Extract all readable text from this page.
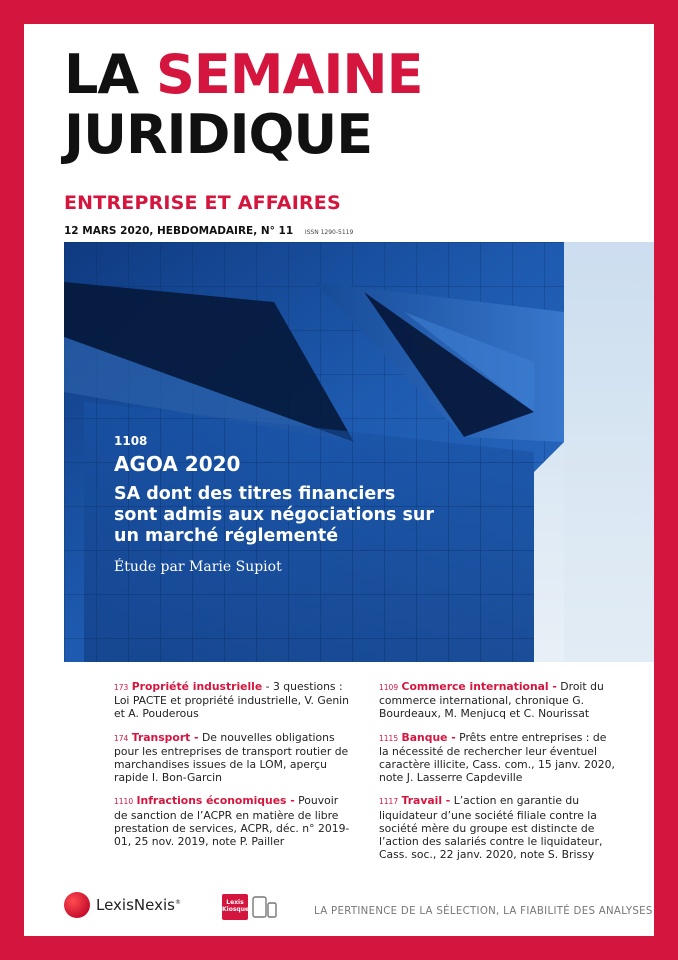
LA SEMAINE
JURIDIQUE
ENTREPRISE ET AFFAIRES
12 MARS 2020, HEBDOMADAIRE, N° 11 ISSN 1290-5119
1108
AGOA 2020
SA dont des titres financiers sont admis aux négociations sur un marché réglementé
Étude par Marie Supiot
173 Propriété industrielle - 3 questions : Loi PACTE et propriété industrielle, V. Genin et A. Pouderous
174 Transport - De nouvelles obligations pour les entreprises de transport routier de marchandises issues de la LOM, aperçu rapide I. Bon-Garcin
1110 Infractions économiques - Pouvoir de sanction de l’ACPR en matière de libre prestation de services, ACPR, déc. n° 2019-01, 25 nov. 2019, note P. Pailler
1109 Commerce international - Droit du commerce international, chronique G. Bourdeaux, M. Menjucq et C. Nourissat
1115 Banque - Prêts entre entreprises : de la nécessité de rechercher leur éventuel caractère illicite, Cass. com., 15 janv. 2020, note J. Lasserre Capdeville
1117 Travail - L’action en garantie du liquidateur d’une société filiale contre la société mère du groupe est distincte de l’action des salariés contre le liquidateur, Cass. soc., 22 janv. 2020, note S. Brissy
LexisNexis ®	Lexis
Kiosque	LA PERTINENCE DE LA SÉLECTION, LA FIABILITÉ DES ANALYSES
